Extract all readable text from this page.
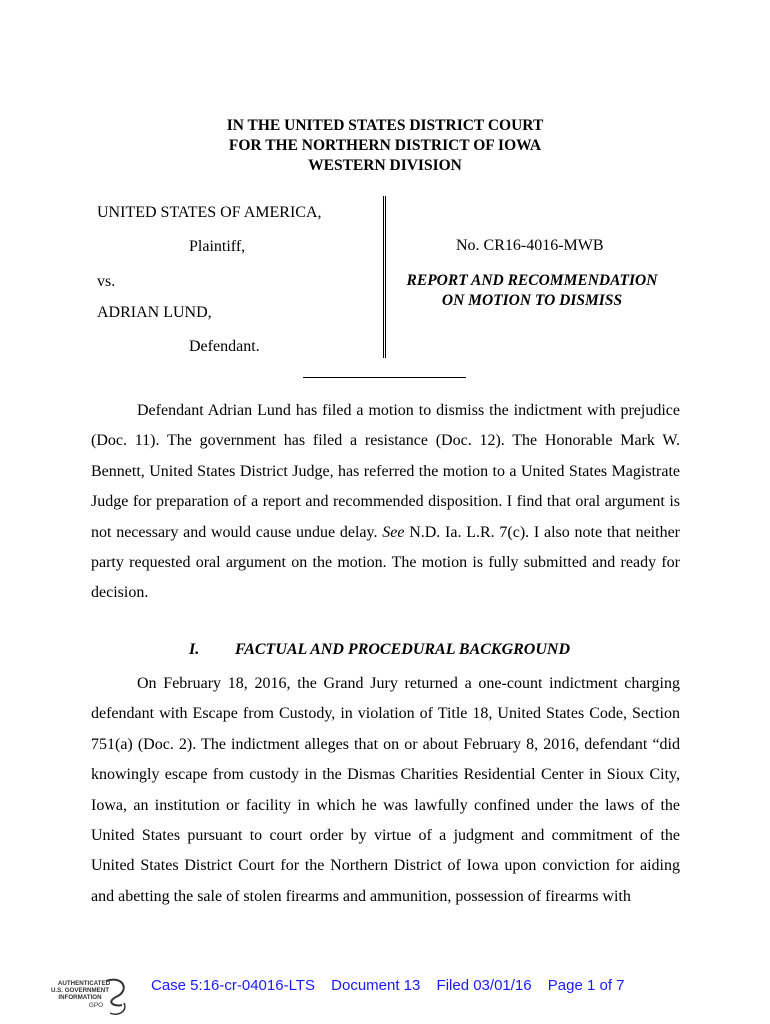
IN THE UNITED STATES DISTRICT COURT
FOR THE NORTHERN DISTRICT OF IOWA
WESTERN DIVISION
UNITED STATES OF AMERICA,
Plaintiff,
vs.
ADRIAN LUND,
Defendant.
No. CR16-4016-MWB
REPORT AND RECOMMENDATION
ON MOTION TO DISMISS
Defendant Adrian Lund has filed a motion to dismiss the indictment with prejudice (Doc. 11). The government has filed a resistance (Doc. 12). The Honorable Mark W. Bennett, United States District Judge, has referred the motion to a United States Magistrate Judge for preparation of a report and recommended disposition. I find that oral argument is not necessary and would cause undue delay. See N.D. Ia. L.R. 7(c). I also note that neither party requested oral argument on the motion. The motion is fully submitted and ready for decision.
I. FACTUAL AND PROCEDURAL BACKGROUND
On February 18, 2016, the Grand Jury returned a one-count indictment charging defendant with Escape from Custody, in violation of Title 18, United States Code, Section 751(a) (Doc. 2). The indictment alleges that on or about February 8, 2016, defendant “did knowingly escape from custody in the Dismas Charities Residential Center in Sioux City, Iowa, an institution or facility in which he was lawfully confined under the laws of the United States pursuant to court order by virtue of a judgment and commitment of the United States District Court for the Northern District of Iowa upon conviction for aiding and abetting the sale of stolen firearms and ammunition, possession of firearms with
AUTHENTICATED
U.S. GOVERNMENT
INFORMATION
GPO
Case 5:16-cr-04016-LTS Document 13 Filed 03/01/16 Page 1 of 7
